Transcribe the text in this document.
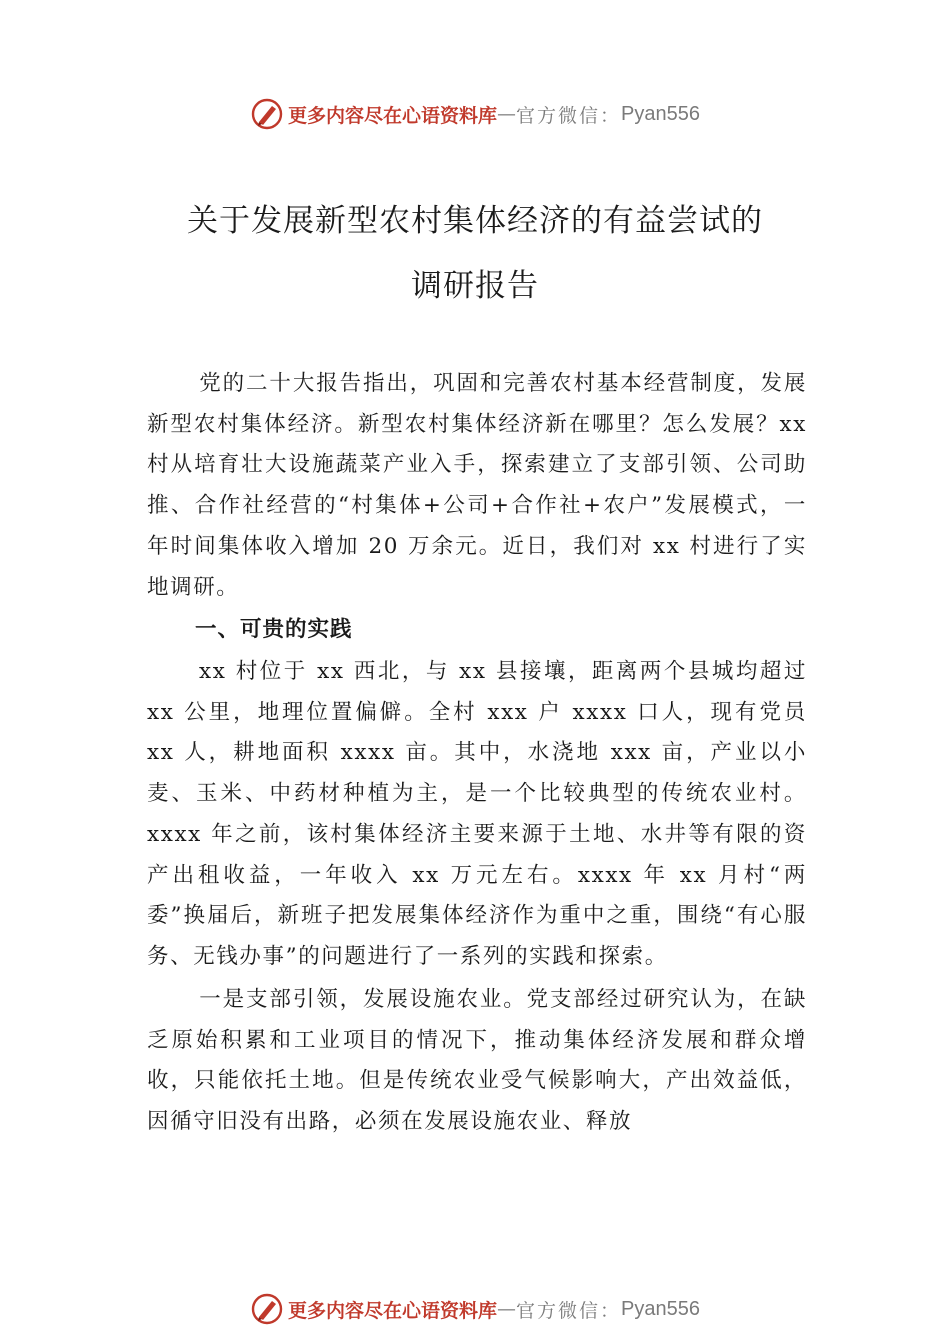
更多内容尽在心语资料库 — 官方微信： Pyan556
关于发展新型农村集体经济的有益尝试的
调研报告

党的二十大报告指出，巩固和完善农村基本经营制度，发展新型农村集体经济。新型农村集体经济新在哪里？怎么发展？xx 村从培育壮大设施蔬菜产业入手，探索建立了支部引领、公司助推、合作社经营的“村集体+公司+合作社+农户”发展模式，一年时间集体收入增加 20 万余元。近日，我们对 xx 村进行了实地调研。

一、可贵的实践

xx 村位于 xx 西北，与 xx 县接壤，距离两个县城均超过 xx 公里，地理位置偏僻。全村 xxx 户 xxxx 口人，现有党员 xx 人，耕地面积 xxxx 亩。其中，水浇地 xxx 亩，产业以小麦、玉米、中药材种植为主，是一个比较典型的传统农业村。xxxx 年之前，该村集体经济主要来源于土地、水井等有限的资产出租收益，一年收入 xx 万元左右。xxxx 年 xx 月村“两委”换届后，新班子把发展集体经济作为重中之重，围绕“有心服务、无钱办事”的问题进行了一系列的实践和探索。

一是支部引领，发展设施农业。党支部经过研究认为，在缺乏原始积累和工业项目的情况下，推动集体经济发展和群众增收，只能依托土地。但是传统农业受气候影响大，产出效益低，因循守旧没有出路，必须在发展设施农业、释放

更多内容尽在心语资料库 — 官方微信： Pyan556
